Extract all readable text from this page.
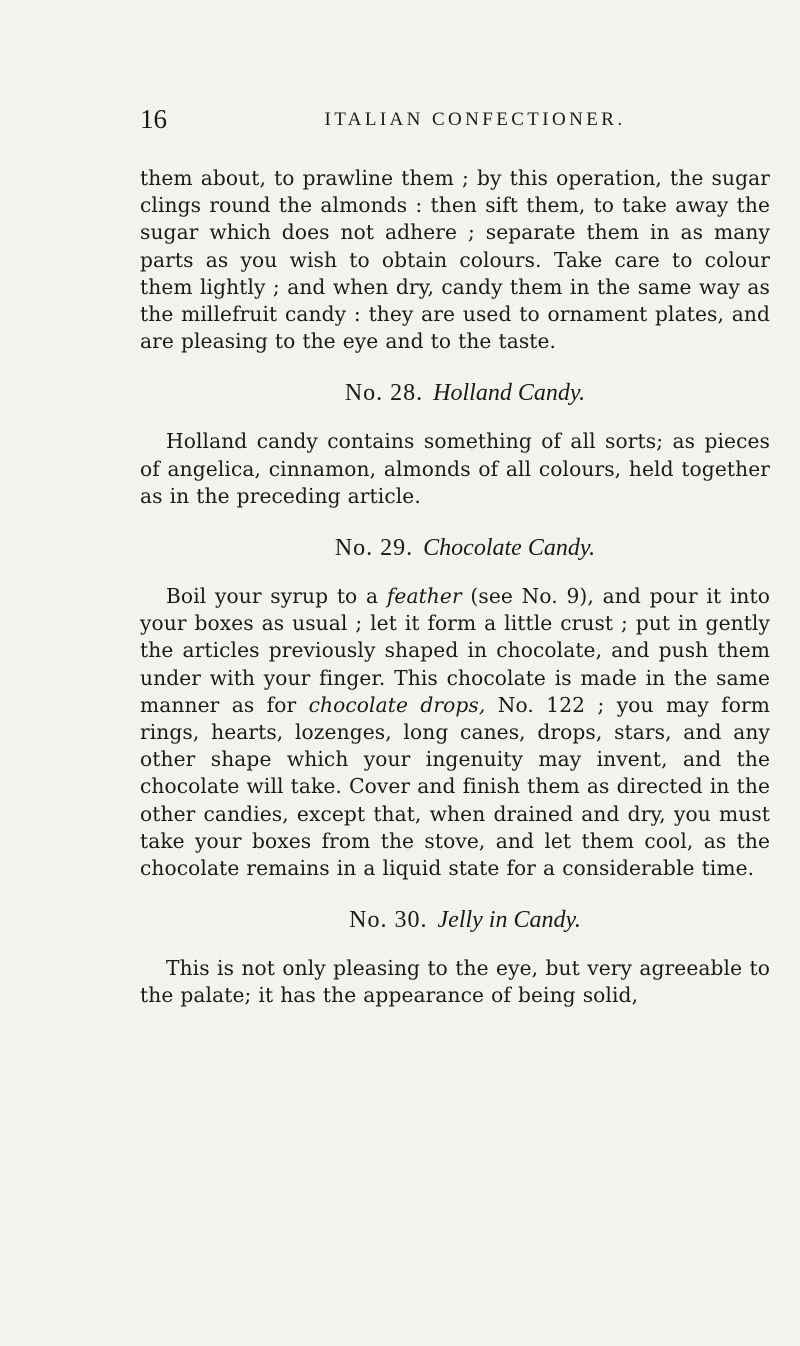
16	ITALIAN CONFECTIONER.

them about, to prawline them ; by this operation, the sugar clings round the almonds : then sift them, to take away the sugar which does not adhere ; separate them in as many parts as you wish to obtain colours. Take care to colour them lightly ; and when dry, candy them in the same way as the millefruit candy : they are used to ornament plates, and are pleasing to the eye and to the taste.

No. 28. Holland Candy.

Holland candy contains something of all sorts; as pieces of angelica, cinnamon, almonds of all colours, held together as in the preceding article.

No. 29. Chocolate Candy.

Boil your syrup to a feather (see No. 9), and pour it into your boxes as usual ; let it form a little crust ; put in gently the articles previously shaped in chocolate, and push them under with your finger. This chocolate is made in the same manner as for chocolate drops, No. 122 ; you may form rings, hearts, lozenges, long canes, drops, stars, and any other shape which your ingenuity may invent, and the chocolate will take. Cover and finish them as directed in the other candies, except that, when drained and dry, you must take your boxes from the stove, and let them cool, as the chocolate remains in a liquid state for a considerable time.

No. 30. Jelly in Candy.

This is not only pleasing to the eye, but very agreeable to the palate; it has the appearance of being solid,
